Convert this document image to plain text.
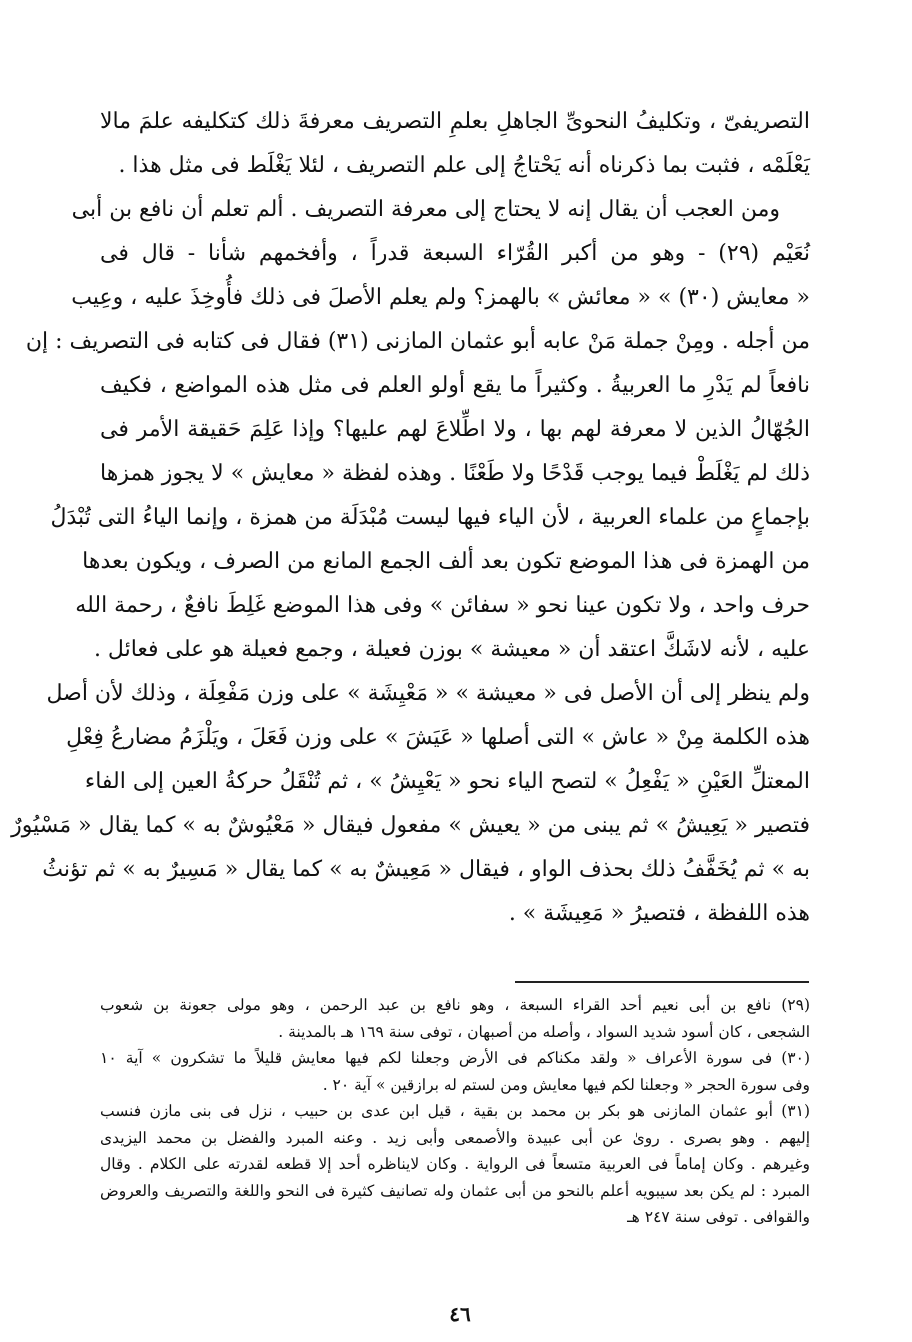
التصريفىّ ، وتكليفُ النحوىِّ الجاهلِ بعلمِ التصريف معرفةَ ذلك كتكليفه علمَ مالا
يَعْلَمْه ، فثبت بما ذكرناه أنه يَحْتاجُ إلى علم التصريف ، لئلا يَغْلَط فى مثل هذا .
ومن العجب أن يقال إنه لا يحتاج إلى معرفة التصريف . ألم تعلم أن نافع بن أبى
نُعَيْم (٢٩) - وهو من أكبر القُرّاء السبعة قدراً ، وأفخمهم شأنا - قال فى
« معايش (٣٠) » « معائش » بالهمز؟ ولم يعلم الأصلَ فى ذلك فأُوخِذَ عليه ، وعِيب
من أجله . ومِنْ جملة مَنْ عابه أبو عثمان المازنى (٣١) فقال فى كتابه فى التصريف : إن
نافعاً لم يَدْرِ ما العربيةُ . وكثيراً ما يقع أولو العلم فى مثل هذه المواضع ، فكيف
الجُهّالُ الذين لا معرفة لهم بها ، ولا اطِّلاعَ لهم عليها؟ وإذا عَلِمَ حَقيقة الأمر فى
ذلك لم يَغْلَطْ فيما يوجب قَدْحًا ولا طَعْنًا . وهذه لفظة « معايش » لا يجوز همزها
بإجماعٍ من علماء العربية ، لأن الياء فيها ليست مُبْدَلَة من همزة ، وإنما الياءُ التى تُبْدَلُ
من الهمزة فى هذا الموضع تكون بعد ألف الجمع المانع من الصرف ، ويكون بعدها
حرف واحد ، ولا تكون عينا نحو « سفائن » وفى هذا الموضع غَلِطَ نافعٌ ، رحمة الله
عليه ، لأنه لاشَكَّ اعتقد أن « معيشة » بوزن فعيلة ، وجمع فعيلة هو على فعائل .
ولم ينظر إلى أن الأصل فى « معيشة » « مَعْيِشَة » على وزن مَفْعِلَة ، وذلك لأن أصل
هذه الكلمة مِنْ « عاش » التى أصلها « عَيَشَ » على وزن فَعَلَ ، ويَلْزَمُ مضارعُ فِعْلِ
المعتلِّ العَيْنِ « يَفْعِلُ » لتصح الياء نحو « يَعْيِشُ » ، ثم تُنْقَلُ حركةُ العين إلى الفاء
فتصير « يَعِيشُ » ثم يبنى من « يعيش » مفعول فيقال « مَعْيُوشٌ به » كما يقال « مَسْيُورٌ
به » ثم يُخَفَّفُ ذلك بحذف الواو ، فيقال « مَعِيشٌ به » كما يقال « مَسِيرٌ به » ثم تؤنثُ
هذه اللفظة ، فتصيرُ « مَعِيشَة » .
(٢٩) نافع بن أبى نعيم أحد القراء السبعة ، وهو نافع بن عبد الرحمن ، وهو مولى جعونة بن شعوب
الشجعى ، كان أسود شديد السواد ، وأصله من أصبهان ، توفى سنة ١٦٩ هـ بالمدينة .
(٣٠) فى سورة الأعراف « ولقد مكناكم فى الأرض وجعلنا لكم فيها معايش قليلاً ما تشكرون » آية ١٠
وفى سورة الحجر « وجعلنا لكم فيها معايش ومن لستم له برازقين » آية ٢٠ .
(٣١) أبو عثمان المازنى هو بكر بن محمد بن بقية ، قيل ابن عدى بن حبيب ، نزل فى بنى مازن فنسب
إليهم . وهو بصرى . روىٰ عن أبى عبيدة والأصمعى وأبى زيد . وعنه المبرد والفضل بن محمد اليزيدى
وغيرهم . وكان إماماً فى العربية متسعاً فى الرواية . وكان لايناظره أحد إلا قطعه لقدرته على الكلام . وقال
المبرد : لم يكن بعد سيبويه أعلم بالنحو من أبى عثمان وله تصانيف كثيرة فى النحو واللغة والتصريف والعروض
والقوافى . توفى سنة ٢٤٧ هـ
٤٦
